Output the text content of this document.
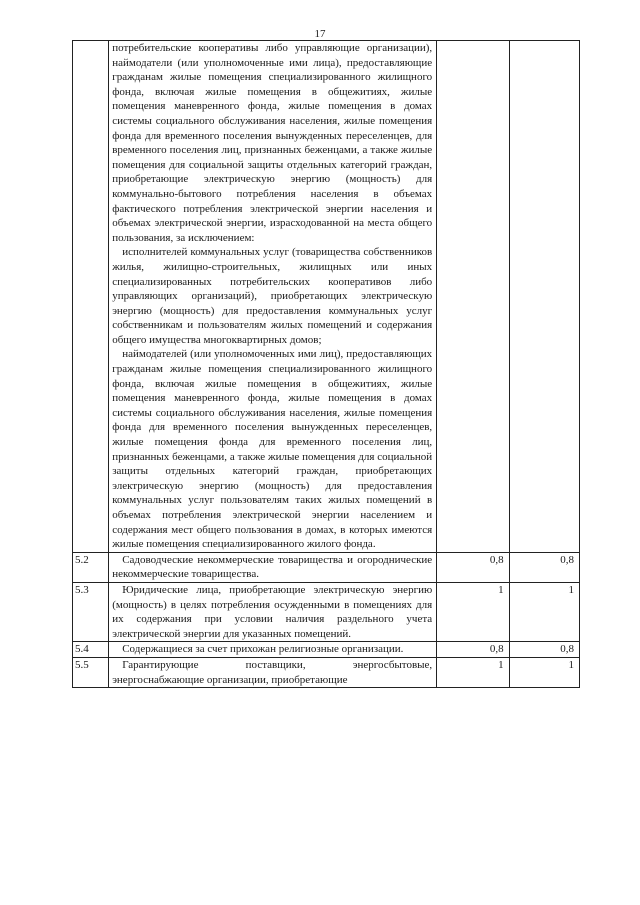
17

	потребительские кооперативы либо управляющие организации), наймодатели (или уполномоченные ими лица), предоставляющие гражданам жилые помещения специализированного жилищного фонда, включая жилые помещения в общежитиях, жилые помещения маневренного фонда, жилые помещения в домах системы социального обслуживания населения, жилые помещения фонда для временного поселения вынужденных переселенцев, для временного поселения лиц, признанных беженцами, а также жилые помещения для социальной защиты отдельных категорий граждан, приобретающие электрическую энергию (мощность) для коммунально-бытового потребления населения в объемах фактического потребления электрической энергии населения и объемах электрической энергии, израсходованной на места общего пользования, за исключением:

исполнителей коммунальных услуг (товарищества собственников жилья, жилищно-строительных, жилищных или иных специализированных потребительских кооперативов либо управляющих организаций), приобретающих электрическую энергию (мощность) для предоставления коммунальных услуг собственникам и пользователям жилых помещений и содержания общего имущества многоквартирных домов;

наймодателей (или уполномоченных ими лиц), предоставляющих гражданам жилые помещения специализированного жилищного фонда, включая жилые помещения в общежитиях, жилые помещения маневренного фонда, жилые помещения в домах системы социального обслуживания населения, жилые помещения фонда для временного поселения вынужденных переселенцев, жилые помещения фонда для временного поселения лиц, признанных беженцами, а также жилые помещения для социальной защиты отдельных категорий граждан, приобретающих электрическую энергию (мощность) для предоставления коммунальных услуг пользователям таких жилых помещений в объемах потребления электрической энергии населением и содержания мест общего пользования в домах, в которых имеются жилые помещения специализированного жилого фонда.		

5.2	Садоводческие некоммерческие товарищества и огороднические некоммерческие товарищества.	0,8	0,8
5.3	Юридические лица, приобретающие электрическую энергию (мощность) в целях потребления осужденными в помещениях для их содержания при условии наличия раздельного учета электрической энергии для указанных помещений.	1	1
5.4	Содержащиеся за счет прихожан религиозные организации.	0,8	0,8
5.5	Гарантирующие поставщики, энергосбытовые, энергоснабжающие организации, приобретающие	1	1
